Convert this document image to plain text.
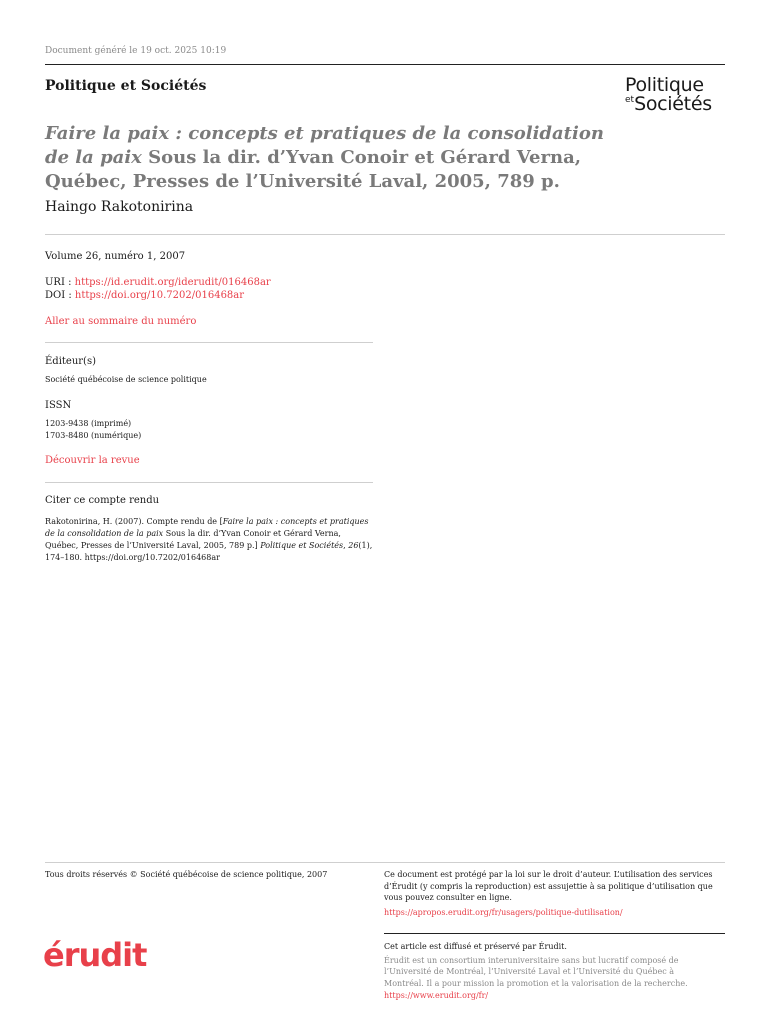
Document généré le 19 oct. 2025 10:19
Politique et Sociétés	Politique
$^{et}$Sociétés
Faire la paix : concepts et pratiques de la consolidation de la paix Sous la dir. d’Yvan Conoir et Gérard Verna, Québec, Presses de l’Université Laval, 2005, 789 p.
Haingo Rakotonirina
Volume 26, numéro 1, 2007
URI : https://id.erudit.org/iderudit/016468ar
DOI : https://doi.org/10.7202/016468ar
Aller au sommaire du numéro
Éditeur(s)
Société québécoise de science politique
ISSN
1203-9438 (imprimé)
1703-8480 (numérique)
Découvrir la revue
Citer ce compte rendu
Rakotonirina, H. (2007). Compte rendu de [Faire la paix : concepts et pratiques de la consolidation de la paix Sous la dir. d’Yvan Conoir et Gérard Verna, Québec, Presses de l’Université Laval, 2005, 789 p.] Politique et Sociétés, 26(1), 174–180. https://doi.org/10.7202/016468ar
Tous droits réservés © Société québécoise de science politique, 2007	Ce document est protégé par la loi sur le droit d’auteur. L’utilisation des services d’Érudit (y compris la reproduction) est assujettie à sa politique d’utilisation que vous pouvez consulter en ligne.
https://apropos.erudit.org/fr/usagers/politique-dutilisation/
érudit	Cet article est diffusé et préservé par Érudit.
Érudit est un consortium interuniversitaire sans but lucratif composé de l’Université de Montréal, l’Université Laval et l’Université du Québec à Montréal. Il a pour mission la promotion et la valorisation de la recherche.
https://www.erudit.org/fr/
